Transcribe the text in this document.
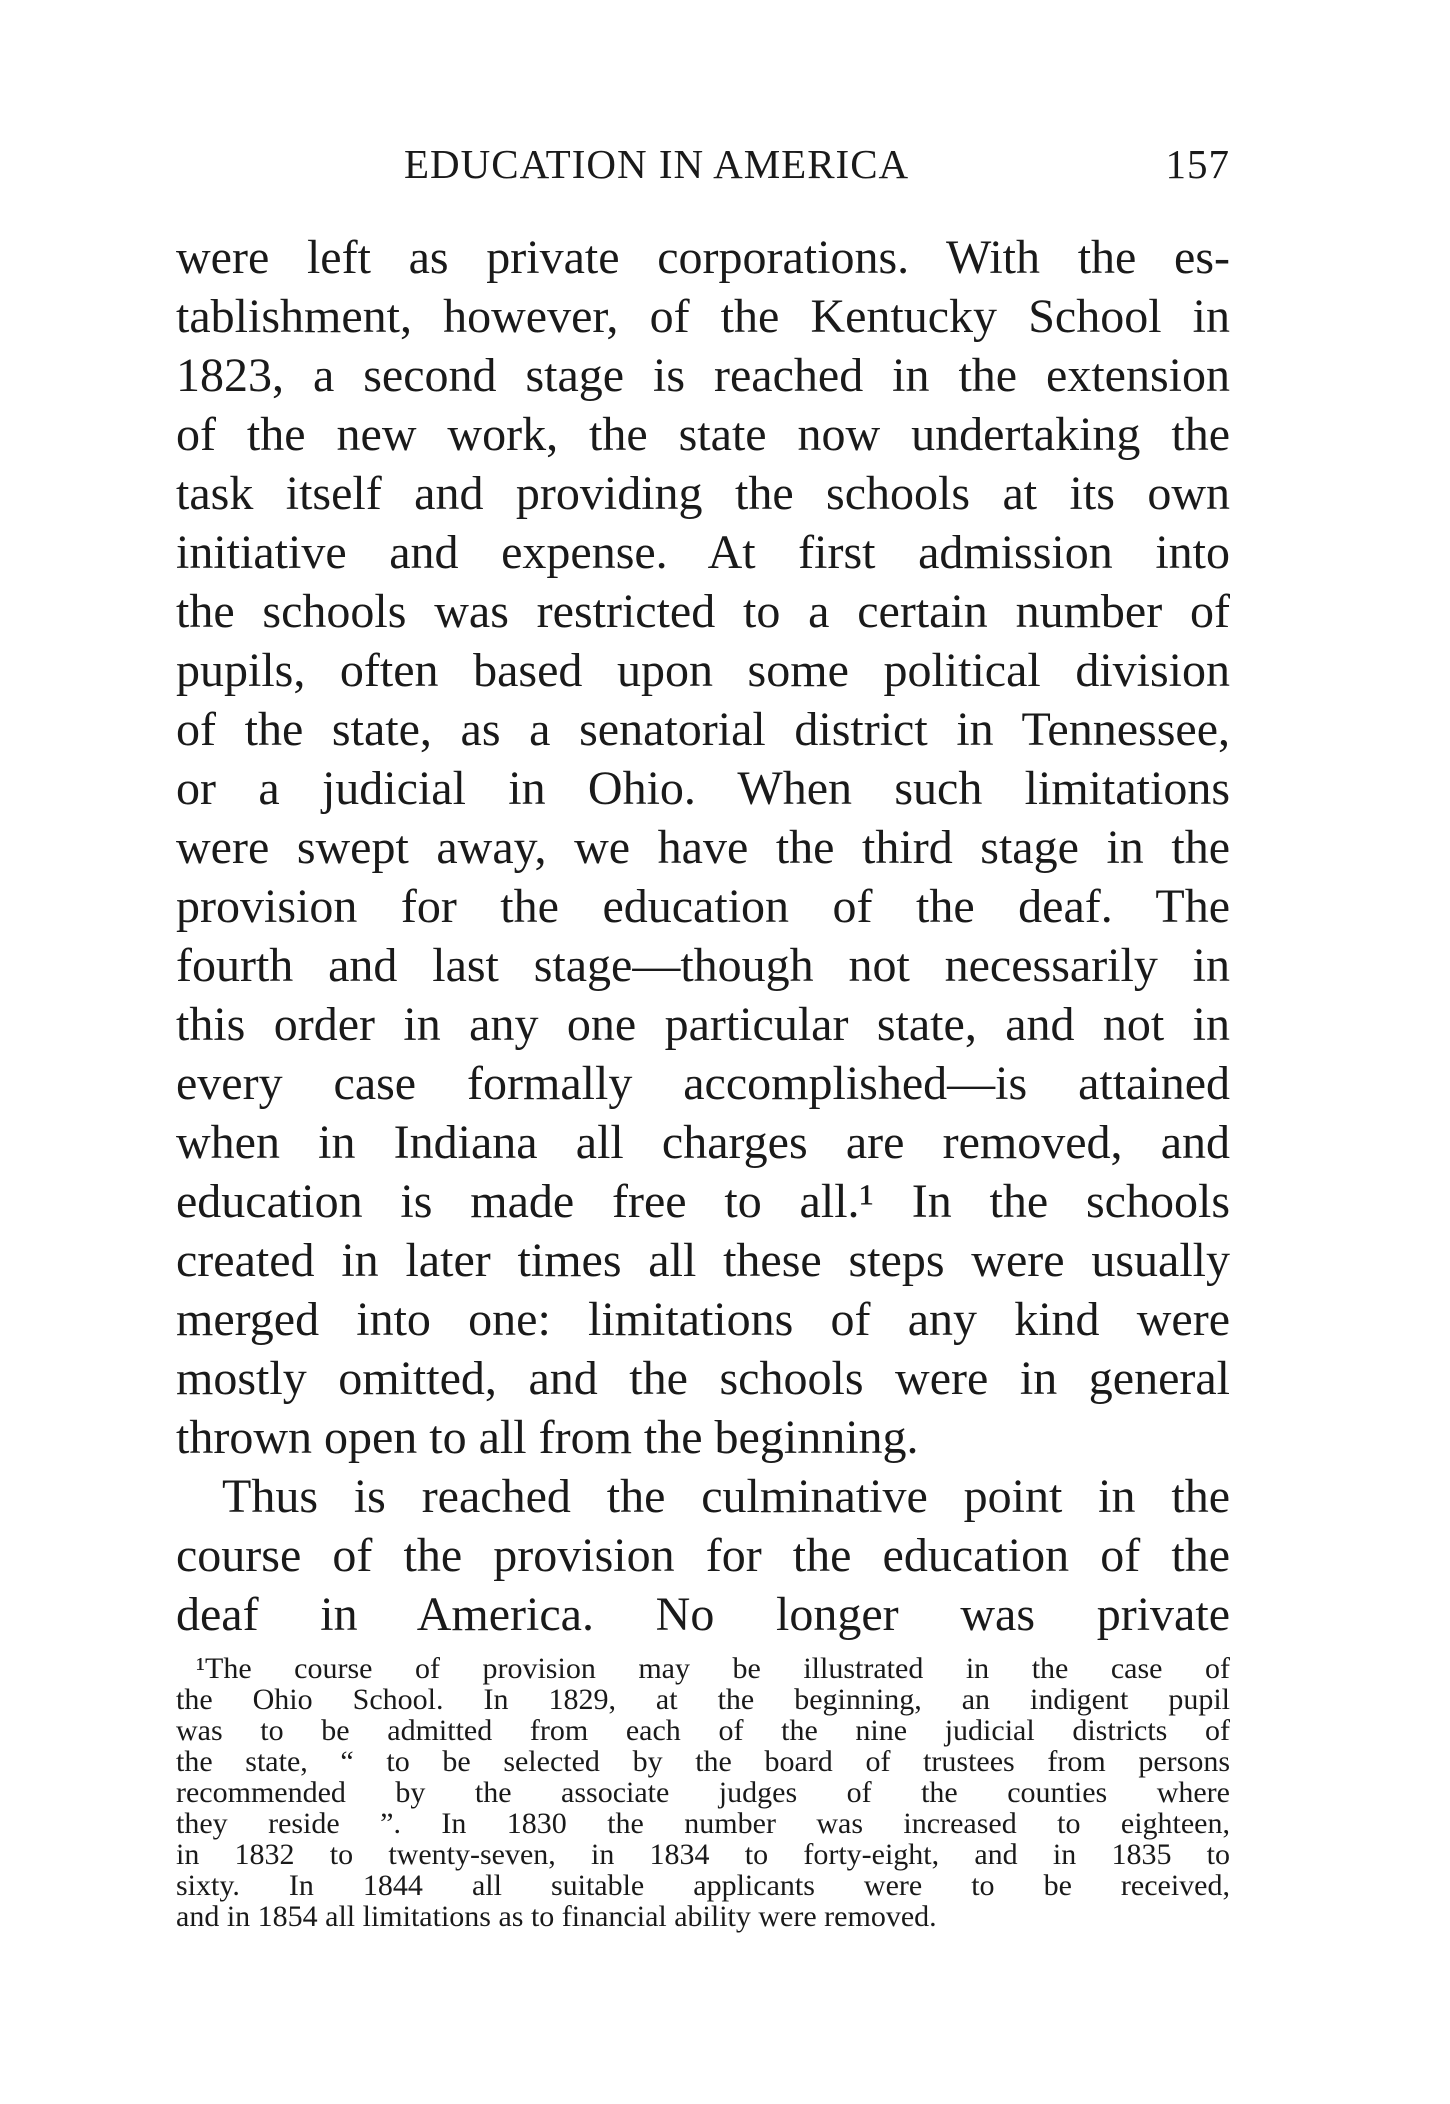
EDUCATION IN AMERICA	157
were left as private corporations. With the es-
tablishment, however, of the Kentucky School in
1823, a second stage is reached in the extension
of the new work, the state now undertaking the
task itself and providing the schools at its own
initiative and expense. At first admission into
the schools was restricted to a certain number of
pupils, often based upon some political division
of the state, as a senatorial district in Tennessee,
or a judicial in Ohio. When such limitations
were swept away, we have the third stage in the
provision for the education of the deaf. The
fourth and last stage—though not necessarily in
this order in any one particular state, and not in
every case formally accomplished—is attained
when in Indiana all charges are removed, and
education is made free to all.¹ In the schools
created in later times all these steps were usually
merged into one: limitations of any kind were
mostly omitted, and the schools were in general
thrown open to all from the beginning.
Thus is reached the culminative point in the
course of the provision for the education of the
deaf in America. No longer was private
¹The course of provision may be illustrated in the case of
the Ohio School. In 1829, at the beginning, an indigent pupil
was to be admitted from each of the nine judicial districts of
the state, “ to be selected by the board of trustees from persons
recommended by the associate judges of the counties where
they reside ”. In 1830 the number was increased to eighteen,
in 1832 to twenty-seven, in 1834 to forty-eight, and in 1835 to
sixty. In 1844 all suitable applicants were to be received,
and in 1854 all limitations as to financial ability were removed.
